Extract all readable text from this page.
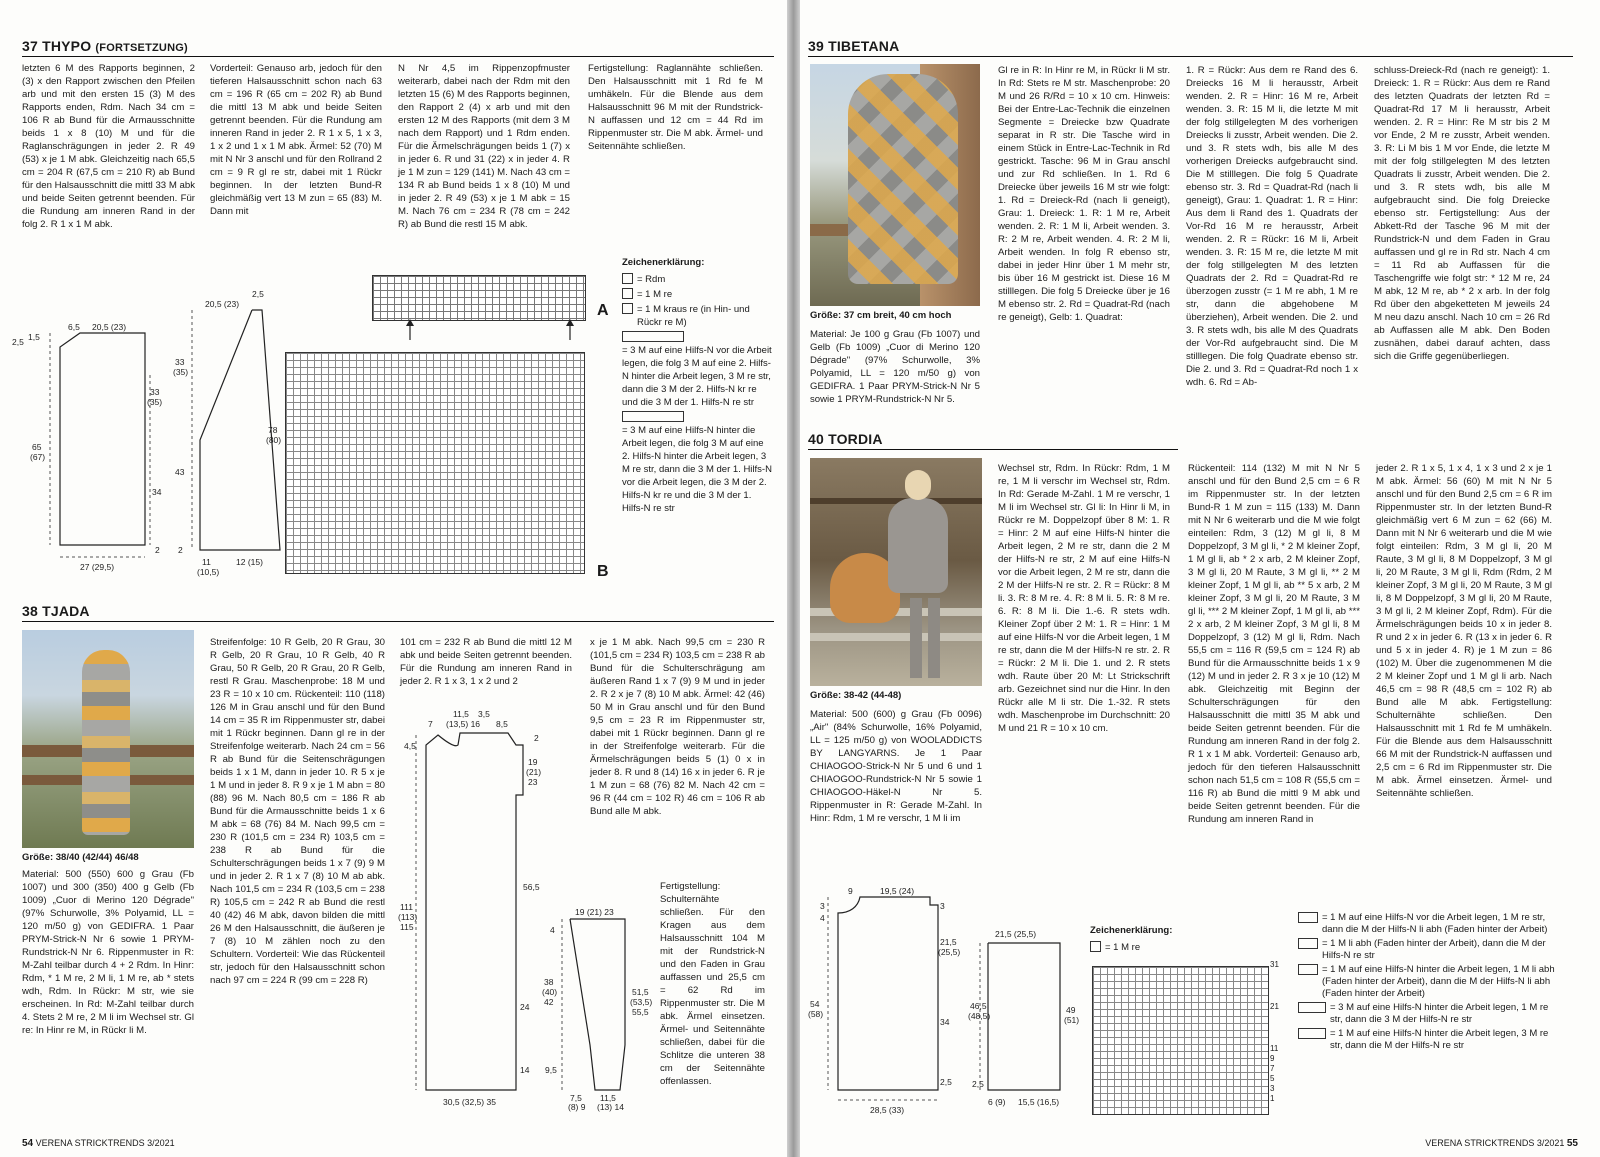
37 THYPO (FORTSETZUNG)
letzten 6 M des Rapports beginnen, 2 (3) x den Rapport zwischen den Pfeilen arb und mit den ersten 15 (3) M des Rapports enden, Rdm. Nach 34 cm = 106 R ab Bund für die Armausschnitte beids 1 x 8 (10) M und für die Raglanschrägungen in jeder 2. R 49 (53) x je 1 M abk. Gleichzeitig nach 65,5 cm = 204 R (67,5 cm = 210 R) ab Bund für den Halsausschnitt die mittl 33 M abk und beide Seiten getrennt beenden. Für die Rundung am inneren Rand in der folg 2. R 1 x 1 M abk.
Vorderteil: Genauso arb, jedoch für den tieferen Halsausschnitt schon nach 63 cm = 196 R (65 cm = 202 R) ab Bund die mittl 13 M abk und beide Seiten getrennt beenden. Für die Rundung am inneren Rand in jeder 2. R 1 x 5, 1 x 3, 1 x 2 und 1 x 1 M abk. Ärmel: 52 (70) M mit N Nr 3 anschl und für den Rollrand 2 cm = 9 R gl re str, dabei mit 1 Rückr beginnen. In der letzten Bund-R gleichmäßig vert 13 M zun = 65 (83) M. Dann mit
N Nr 4,5 im Rippenzopfmuster weiterarb, dabei nach der Rdm mit den letzten 15 (6) M des Rapports beginnen, den Rapport 2 (4) x arb und mit den ersten 12 M des Rapports (mit dem 3 M nach dem Rapport) und 1 Rdm enden. Für die Ärmelschrägungen beids 1 (7) x in jeder 6. R und 31 (22) x in jeder 4. R je 1 M zun = 129 (141) M. Nach 43 cm = 134 R ab Bund beids 1 x 8 (10) M und in jeder 2. R 49 (53) x je 1 M abk = 15 M. Nach 76 cm = 234 R (78 cm = 242 R) ab Bund die restl 15 M abk.
Fertigstellung: Raglannähte schließen. Den Halsausschnitt mit 1 Rd fe M umhäkeln. Für die Blende aus dem Halsausschnitt 96 M mit der Rundstrick-N auffassen und 12 cm = 44 Rd im Rippenmuster str. Die M abk. Ärmel- und Seitennähte schließen.
6,5 20,5 (23)
2,5 1,5
65
(67)
33
(35)
34
27 (29,5)
2
20,5 (23)
2,5
33
(35)
43
78
(80)
11
(10,5)
12 (15)
2
A
B
Zeichenerklärung:
= Rdm
= 1 M re
= 1 M kraus re (in Hin- und Rückr re M)
= 3 M auf eine Hilfs-N vor die Arbeit legen, die folg 3 M auf eine 2. Hilfs-N hinter die Arbeit legen, 3 M re str, dann die 3 M der 2. Hilfs-N kr re und die 3 M der 1. Hilfs-N re str
= 3 M auf eine Hilfs-N hinter die Arbeit legen, die folg 3 M auf eine 2. Hilfs-N hinter die Arbeit legen, 3 M re str, dann die 3 M der 1. Hilfs-N vor die Arbeit legen, die 3 M der 2. Hilfs-N kr re und die 3 M der 1. Hilfs-N re str
38 TJADA
Größe: 38/40 (42/44) 46/48
Material: 500 (550) 600 g Grau (Fb 1007) und 300 (350) 400 g Gelb (Fb 1009) „Cuor di Merino 120 Dégrade" (97% Schurwolle, 3% Polyamid, LL = 120 m/50 g) von GEDIFRA. 1 Paar PRYM-Strick-N Nr 6 sowie 1 PRYM-Rundstrick-N Nr 6. Rippenmuster in R: M-Zahl teilbar durch 4 + 2 Rdm. In Hinr: Rdm, * 1 M re, 2 M li, 1 M re, ab * stets wdh, Rdm. In Rückr: M str, wie sie erscheinen. In Rd: M-Zahl teilbar durch 4. Stets 2 M re, 2 M li im Wechsel str. Gl re: In Hinr re M, in Rückr li M.
Streifenfolge: 10 R Gelb, 20 R Grau, 30 R Gelb, 20 R Grau, 10 R Gelb, 40 R Grau, 50 R Gelb, 20 R Grau, 20 R Gelb, restl R Grau. Maschenprobe: 18 M und 23 R = 10 x 10 cm. Rückenteil: 110 (118) 126 M in Grau anschl und für den Bund 14 cm = 35 R im Rippenmuster str, dabei mit 1 Rückr beginnen. Dann gl re in der Streifenfolge weiterarb. Nach 24 cm = 56 R ab Bund für die Seitenschrägungen beids 1 x 1 M, dann in jeder 10. R 5 x je 1 M und in jeder 8. R 9 x je 1 M abn = 80 (88) 96 M. Nach 80,5 cm = 186 R ab Bund für die Armausschnitte beids 1 x 6 M abk = 68 (76) 84 M. Nach 99,5 cm = 230 R (101,5 cm = 234 R) 103,5 cm = 238 R ab Bund für die Schulterschrägungen beids 1 x 7 (9) 9 M und in jeder 2. R 1 x 7 (8) 10 M ab abk. Nach 101,5 cm = 234 R (103,5 cm = 238 R) 105,5 cm = 242 R ab Bund die restl 40 (42) 46 M abk, davon bilden die mittl 26 M den Halsausschnitt, die äußeren je 7 (8) 10 M zählen noch zu den Schultern. Vorderteil: Wie das Rückenteil str, jedoch für den Halsausschnitt schon nach 97 cm = 224 R (99 cm = 228 R)
101 cm = 232 R ab Bund die mittl 12 M abk und beide Seiten getrennt beenden. Für die Rundung am inneren Rand in jeder 2. R 1 x 3, 1 x 2 und 2
x je 1 M abk. Nach 99,5 cm = 230 R (101,5 cm = 234 R) 103,5 cm = 238 R ab Bund für die Schulterschrägung am äußeren Rand 1 x 7 (9) 9 M und in jeder 2. R 2 x je 7 (8) 10 M abk. Ärmel: 42 (46) 50 M in Grau anschl und für den Bund 9,5 cm = 23 R im Rippenmuster str, dabei mit 1 Rückr beginnen. Dann gl re in der Streifenfolge weiterarb. Für die Ärmelschrägungen beids 5 (1) 0 x in jeder 8. R und 8 (14) 16 x in jeder 6. R je 1 M zun = 68 (76) 82 M. Nach 42 cm = 96 R (44 cm = 102 R) 46 cm = 106 R ab Bund alle M abk.
Fertigstellung: Schulternähte schließen. Für den Kragen aus dem Halsausschnitt 104 M mit der Rundstrick-N und den Faden in Grau auffassen und 25,5 cm = 62 Rd im Rippenmuster str. Die M abk. Ärmel einsetzen. Ärmel- und Seitennähte schließen, dabei für die Schlitze die unteren 38 cm der Seitennähte offenlassen.
7
11,5 3,5
(13,5) 16 8,5
4,5
2
19
(21)
23
56,5
111
(113)
115
24
14
30,5 (32,5) 35
19 (21) 23
4
38
(40)
42
51,5
(53,5)
55,5
9,5
7,5
(8) 9
11,5
(13) 14
54 VERENA STRICKTRENDS 3/2021
39 TIBETANA
Größe: 37 cm breit, 40 cm hoch
Material: Je 100 g Grau (Fb 1007) und Gelb (Fb 1009) „Cuor di Merino 120 Dégrade" (97% Schurwolle, 3% Polyamid, LL = 120 m/50 g) von GEDIFRA. 1 Paar PRYM-Strick-N Nr 5 sowie 1 PRYM-Rundstrick-N Nr 5.
Gl re in R: In Hinr re M, in Rückr li M str. In Rd: Stets re M str. Maschenprobe: 20 M und 26 R/Rd = 10 x 10 cm. Hinweis: Bei der Entre-Lac-Technik die einzelnen Segmente = Dreiecke bzw Quadrate separat in R str. Die Tasche wird in einem Stück in Entre-Lac-Technik in Rd gestrickt. Tasche: 96 M in Grau anschl und zur Rd schließen. In 1. Rd 6 Dreiecke über jeweils 16 M str wie folgt: 1. Rd = Dreieck-Rd (nach li geneigt), Grau: 1. Dreieck: 1. R: 1 M re, Arbeit wenden. 2. R: 1 M li, Arbeit wenden. 3. R: 2 M re, Arbeit wenden. 4. R: 2 M li, Arbeit wenden. In folg R ebenso str, dabei in jeder Hinr über 1 M mehr str, bis über 16 M gestrickt ist. Diese 16 M stilllegen. Die folg 5 Dreiecke über je 16 M ebenso str. 2. Rd = Quadrat-Rd (nach re geneigt), Gelb: 1. Quadrat:
1. R = Rückr: Aus dem re Rand des 6. Dreiecks 16 M li herausstr, Arbeit wenden. 2. R = Hinr: 16 M re, Arbeit wenden. 3. R: 15 M li, die letzte M mit der folg stillgelegten M des vorherigen Dreiecks li zusstr, Arbeit wenden. Die 2. und 3. R stets wdh, bis alle M des vorherigen Dreiecks aufgebraucht sind. Die M stilllegen. Die folg 5 Quadrate ebenso str. 3. Rd = Quadrat-Rd (nach li geneigt), Grau: 1. Quadrat: 1. R = Hinr: Aus dem li Rand des 1. Quadrats der Vor-Rd 16 M re herausstr, Arbeit wenden. 2. R = Rückr: 16 M li, Arbeit wenden. 3. R: 15 M re, die letzte M mit der folg stillgelegten M des letzten Quadrats der 2. Rd = Quadrat-Rd re überzogen zusstr (= 1 M re abh, 1 M re str, dann die abgehobene M überziehen), Arbeit wenden. Die 2. und 3. R stets wdh, bis alle M des Quadrats der Vor-Rd aufgebraucht sind. Die M stilllegen. Die folg Quadrate ebenso str. Die 2. und 3. Rd = Quadrat-Rd noch 1 x wdh. 6. Rd = Ab-
schluss-Dreieck-Rd (nach re geneigt): 1. Dreieck: 1. R = Rückr: Aus dem re Rand des letzten Quadrats der letzten Rd = Quadrat-Rd 17 M li herausstr, Arbeit wenden. 2. R = Hinr: Re M str bis 2 M vor Ende, 2 M re zusstr, Arbeit wenden. 3. R: Li M bis 1 M vor Ende, die letzte M mit der folg stillgelegten M des letzten Quadrats li zusstr, Arbeit wenden. Die 2. und 3. R stets wdh, bis alle M aufgebraucht sind. Die folg Dreiecke ebenso str. Fertigstellung: Aus der Abkett-Rd der Tasche 96 M mit der Rundstrick-N und dem Faden in Grau auffassen und gl re in Rd str. Nach 4 cm = 11 Rd ab Auffassen für die Taschengriffe wie folgt str: * 12 M re, 24 M abk, 12 M re, ab * 2 x arb. In der folg Rd über den abgeketteten M jeweils 24 M neu dazu anschl. Nach 10 cm = 26 Rd ab Auffassen alle M abk. Den Boden zusnähen, dabei darauf achten, dass sich die Griffe gegenüberliegen.
40 TORDIA
Größe: 38-42 (44-48)
Material: 500 (600) g Grau (Fb 0096) „Air" (84% Schurwolle, 16% Polyamid, LL = 125 m/50 g) von WOOLADDICTS BY LANGYARNS. Je 1 Paar CHIAOGOO-Strick-N Nr 5 und 6 und 1 CHIAOGOO-Rundstrick-N Nr 5 sowie 1 CHIAOGOO-Häkel-N Nr 5. Rippenmuster in R: Gerade M-Zahl. In Hinr: Rdm, 1 M re verschr, 1 M li im
Wechsel str, Rdm. In Rückr: Rdm, 1 M re, 1 M li verschr im Wechsel str, Rdm. In Rd: Gerade M-Zahl. 1 M re verschr, 1 M li im Wechsel str. Gl li: In Hinr li M, in Rückr re M. Doppelzopf über 8 M: 1. R = Hinr: 2 M auf eine Hilfs-N hinter die Arbeit legen, 2 M re str, dann die 2 M der Hilfs-N re str, 2 M auf eine Hilfs-N vor die Arbeit legen, 2 M re str, dann die 2 M der Hilfs-N re str. 2. R = Rückr: 8 M li. 3. R: 8 M re. 4. R: 8 M li. 5. R: 8 M re. 6. R: 8 M li. Die 1.-6. R stets wdh. Kleiner Zopf über 2 M: 1. R = Hinr: 1 M auf eine Hilfs-N vor die Arbeit legen, 1 M re str, dann die M der Hilfs-N re str. 2. R = Rückr: 2 M li. Die 1. und 2. R stets wdh. Raute über 20 M: Lt Strickschrift arb. Gezeichnet sind nur die Hinr. In den Rückr alle M li str. Die 1.-32. R stets wdh. Maschenprobe im Durchschnitt: 20 M und 21 R = 10 x 10 cm.
Rückenteil: 114 (132) M mit N Nr 5 anschl und für den Bund 2,5 cm = 6 R im Rippenmuster str. In der letzten Bund-R 1 M zun = 115 (133) M. Dann mit N Nr 6 weiterarb und die M wie folgt einteilen: Rdm, 3 (12) M gl li, 8 M Doppelzopf, 3 M gl li, * 2 M kleiner Zopf, 1 M gl li, ab * 2 x arb, 2 M kleiner Zopf, 3 M gl li, 20 M Raute, 3 M gl li, ** 2 M kleiner Zopf, 1 M gl li, ab ** 5 x arb, 2 M kleiner Zopf, 3 M gl li, 20 M Raute, 3 M gl li, *** 2 M kleiner Zopf, 1 M gl li, ab *** 2 x arb, 2 M kleiner Zopf, 3 M gl li, 8 M Doppelzopf, 3 (12) M gl li, Rdm. Nach 55,5 cm = 116 R (59,5 cm = 124 R) ab Bund für die Armausschnitte beids 1 x 9 (12) M und in jeder 2. R 3 x je 10 (12) M abk. Gleichzeitig mit Beginn der Schulterschrägungen für den Halsausschnitt die mittl 35 M abk und beide Seiten getrennt beenden. Für die Rundung am inneren Rand in der folg 2. R 1 x 1 M abk. Vorderteil: Genauso arb, jedoch für den tieferen Halsausschnitt schon nach 51,5 cm = 108 R (55,5 cm = 116 R) ab Bund die mittl 9 M abk und beide Seiten getrennt beenden. Für die Rundung am inneren Rand in
jeder 2. R 1 x 5, 1 x 4, 1 x 3 und 2 x je 1 M abk. Ärmel: 56 (60) M mit N Nr 5 anschl und für den Bund 2,5 cm = 6 R im Rippenmuster str. In der letzten Bund-R gleichmäßig vert 6 M zun = 62 (66) M. Dann mit N Nr 6 weiterarb und die M wie folgt einteilen: Rdm, 3 M gl li, 20 M Raute, 3 M gl li, 8 M Doppelzopf, 3 M gl li, 20 M Raute, 3 M gl li, Rdm (Rdm, 2 M kleiner Zopf, 3 M gl li, 20 M Raute, 3 M gl li, 8 M Doppelzopf, 3 M gl li, 20 M Raute, 3 M gl li, 2 M kleiner Zopf, Rdm). Für die Ärmelschrägungen beids 10 x in jeder 8. R und 2 x in jeder 6. R (13 x in jeder 6. R und 5 x in jeder 4. R) je 1 M zun = 86 (102) M. Über die zugenommenen M die 2 M kleiner Zopf und 1 M gl li arb. Nach 46,5 cm = 98 R (48,5 cm = 102 R) ab Bund alle M abk. Fertigstellung: Schulternähte schließen. Den Halsausschnitt mit 1 Rd fe M umhäkeln. Für die Blende aus dem Halsausschnitt 66 M mit der Rundstrick-N auffassen und 2,5 cm = 6 Rd im Rippenmuster str. Die M abk. Ärmel einsetzen. Ärmel- und Seitennähte schließen.
9	19,5 (24)
3
4
3
21,5
(25,5)
54
(58)
34
2,5
28,5 (33)
21,5 (25,5)
46,5
(48,5)
49
(51)
2,5
6 (9) 15,5 (16,5)
Zeichenerklärung:
= 1 M re
31
21
11
9
7
5
3
1
= 1 M auf eine Hilfs-N vor die Arbeit legen, 1 M re str, dann die M der Hilfs-N li abh (Faden hinter der Arbeit)
= 1 M li abh (Faden hinter der Arbeit), dann die M der Hilfs-N re str
= 1 M auf eine Hilfs-N hinter die Arbeit legen, 1 M li abh (Faden hinter der Arbeit), dann die M der Hilfs-N li abh (Faden hinter der Arbeit)
= 3 M auf eine Hilfs-N hinter die Arbeit legen, 1 M re str, dann die 3 M der Hilfs-N re str
= 1 M auf eine Hilfs-N hinter die Arbeit legen, 3 M re str, dann die M der Hilfs-N re str
VERENA STRICKTRENDS 3/2021 55
